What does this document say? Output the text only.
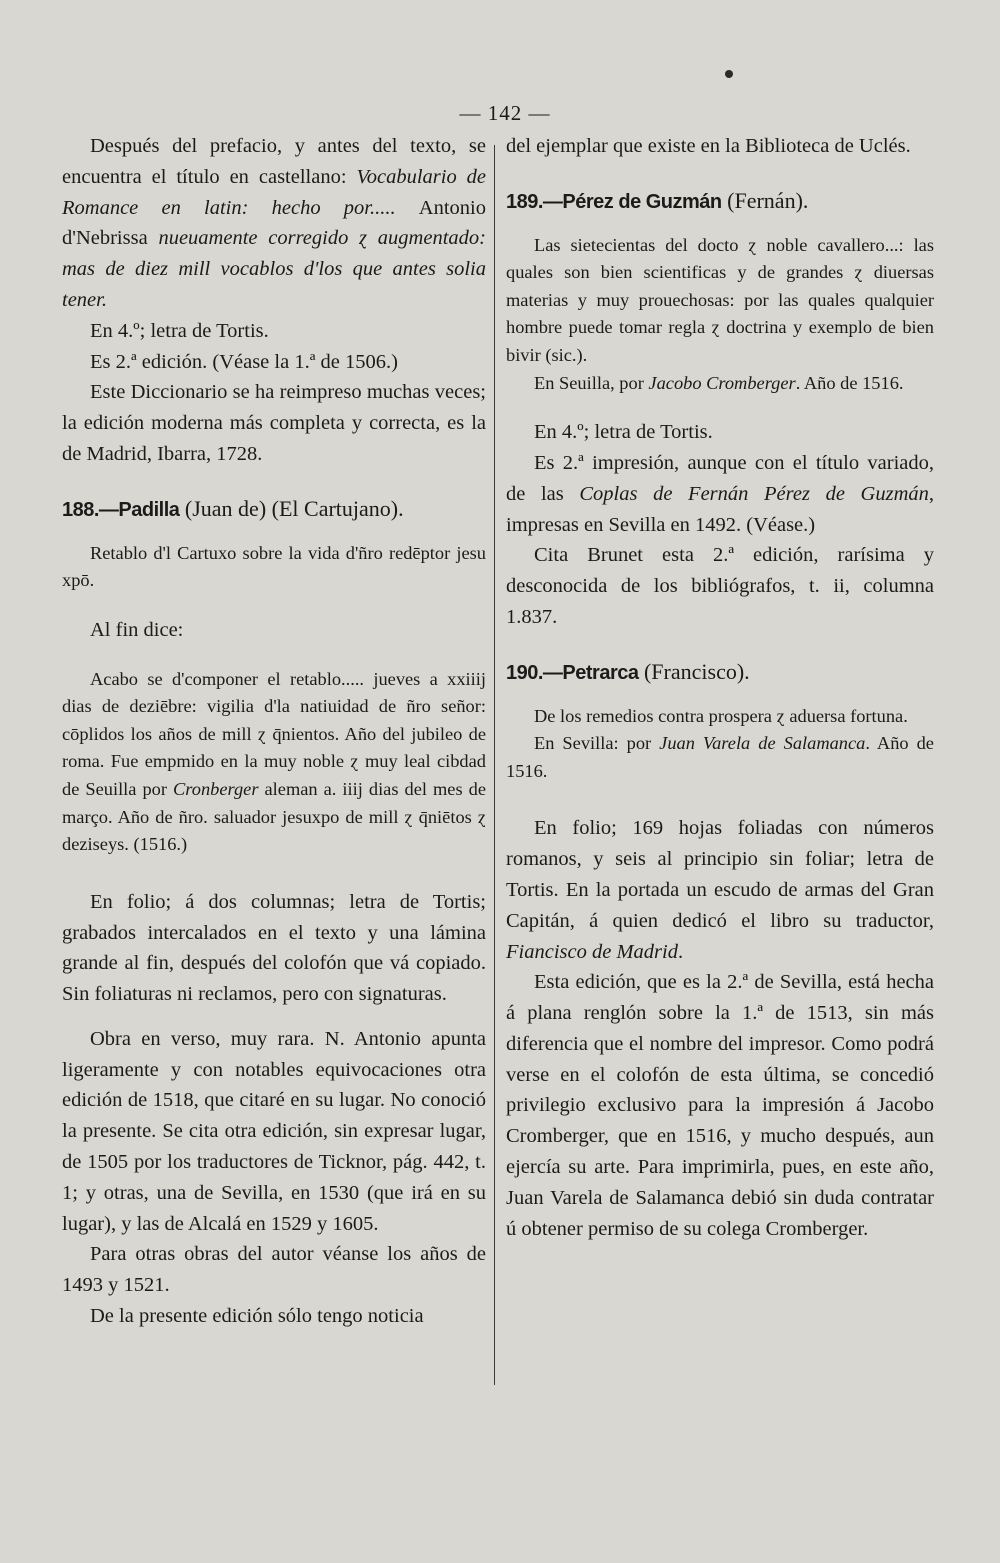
— 142 —

Después del prefacio, y antes del texto, se encuentra el título en castellano: Vocabulario de Romance en latin: hecho por..... Antonio d'Nebrissa nueuamente corregido ɀ augmentado: mas de diez mill vocablos d'los que antes solia tener.

En 4.º; letra de Tortis.

Es 2.ª edición. (Véase la 1.ª de 1506.)

Este Diccionario se ha reimpreso muchas veces; la edición moderna más completa y correcta, es la de Madrid, Ibarra, 1728.

188.—Padilla (Juan de) (El Cartujano).

Retablo d'l Cartuxo sobre la vida d'ñro redēptor jesu xpō.

Al fin dice:

Acabo se d'componer el retablo..... jueves a xxiiij dias de deziēbre: vigilia d'la natiuidad de ñro señor: cōplidos los años de mill ɀ q̄nientos. Año del jubileo de roma. Fue empmido en la muy noble ɀ muy leal cibdad de Seuilla por Cronberger aleman a. iiij dias del mes de março. Año de ñro. saluador jesuxpo de mill ɀ q̄niētos ɀ deziseys. (1516.)

En folio; á dos columnas; letra de Tortis; grabados intercalados en el texto y una lámina grande al fin, después del colofón que vá copiado. Sin foliaturas ni reclamos, pero con signaturas.

Obra en verso, muy rara. N. Antonio apunta ligeramente y con notables equivocaciones otra edición de 1518, que citaré en su lugar. No conoció la presente. Se cita otra edición, sin expresar lugar, de 1505 por los traductores de Ticknor, pág. 442, t. 1; y otras, una de Sevilla, en 1530 (que irá en su lugar), y las de Alcalá en 1529 y 1605.

Para otras obras del autor véanse los años de 1493 y 1521.

De la presente edición sólo tengo noticia

del ejemplar que existe en la Biblioteca de Uclés.

189.—Pérez de Guzmán (Fernán).

Las sietecientas del docto ɀ noble cavallero...: las quales son bien scientificas y de grandes ɀ diuersas materias y muy prouechosas: por las quales qualquier hombre puede tomar regla ɀ doctrina y exemplo de bien bivir (sic.).

En Seuilla, por Jacobo Cromberger. Año de 1516.

En 4.º; letra de Tortis.

Es 2.ª impresión, aunque con el título variado, de las Coplas de Fernán Pérez de Guzmán, impresas en Sevilla en 1492. (Véase.)

Cita Brunet esta 2.ª edición, rarísima y desconocida de los bibliógrafos, t. ii, columna 1.837.

190.—Petrarca (Francisco).

De los remedios contra prospera ɀ aduersa fortuna.

En Sevilla: por Juan Varela de Salamanca. Año de 1516.

En folio; 169 hojas foliadas con números romanos, y seis al principio sin foliar; letra de Tortis. En la portada un escudo de armas del Gran Capitán, á quien dedicó el libro su traductor, Fiancisco de Madrid.

Esta edición, que es la 2.ª de Sevilla, está hecha á plana renglón sobre la 1.ª de 1513, sin más diferencia que el nombre del impresor. Como podrá verse en el colofón de esta última, se concedió privilegio exclusivo para la impresión á Jacobo Cromberger, que en 1516, y mucho después, aun ejercía su arte. Para imprimirla, pues, en este año, Juan Varela de Salamanca debió sin duda contratar ú obtener permiso de su colega Cromberger.
